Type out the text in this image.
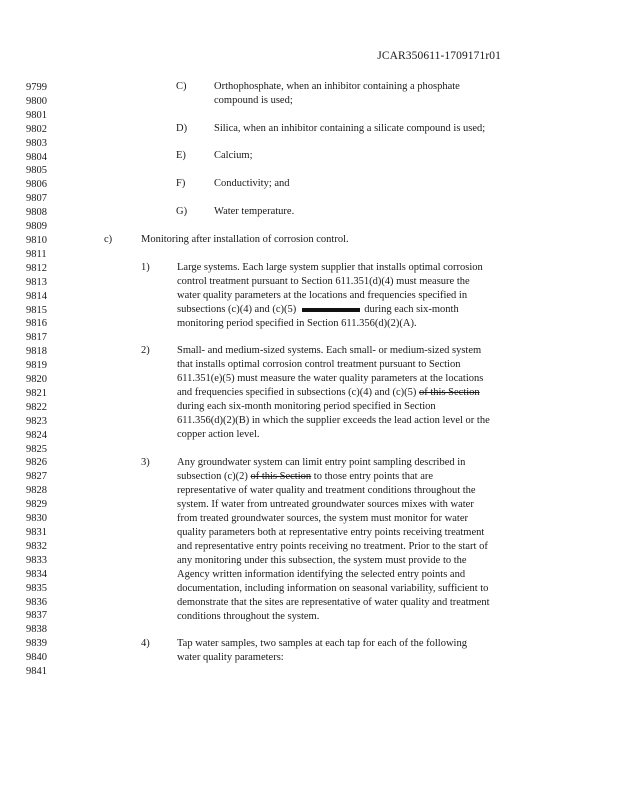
JCAR350611-1709171r01
9799
9800
9801
9802
9803
9804
9805
9806
9807
9808
9809
9810
9811
9812
9813
9814
9815
9816
9817
9818
9819
9820
9821
9822
9823
9824
9825
9826
9827
9828
9829
9830
9831
9832
9833
9834
9835
9836
9837
9838
9839
9840
9841
C)	Orthophosphate, when an inhibitor containing a phosphate
compound is used;
D)	Silica, when an inhibitor containing a silicate compound is used;
E)	Calcium;
F)	Conductivity; and
G)	Water temperature.
c)	Monitoring after installation of corrosion control.
1)	Large systems. Each large system supplier that installs optimal corrosion
control treatment pursuant to Section 611.351(d)(4) must measure the
water quality parameters at the locations and frequencies specified in
subsections (c)(4) and (c)(5)	during each six-month
monitoring period specified in Section 611.356(d)(2)(A).
2)	Small- and medium-sized systems. Each small- or medium-sized system
that installs optimal corrosion control treatment pursuant to Section
611.351(e)(5) must measure the water quality parameters at the locations
and frequencies specified in subsections (c)(4) and (c)(5) of this Section
during each six-month monitoring period specified in Section
611.356(d)(2)(B) in which the supplier exceeds the lead action level or the
copper action level.
3)	Any groundwater system can limit entry point sampling described in
subsection (c)(2) of this Section to those entry points that are
representative of water quality and treatment conditions throughout the
system. If water from untreated groundwater sources mixes with water
from treated groundwater sources, the system must monitor for water
quality parameters both at representative entry points receiving treatment
and representative entry points receiving no treatment. Prior to the start of
any monitoring under this subsection, the system must provide to the
Agency written information identifying the selected entry points and
documentation, including information on seasonal variability, sufficient to
demonstrate that the sites are representative of water quality and treatment
conditions throughout the system.
4)	Tap water samples, two samples at each tap for each of the following
water quality parameters:
